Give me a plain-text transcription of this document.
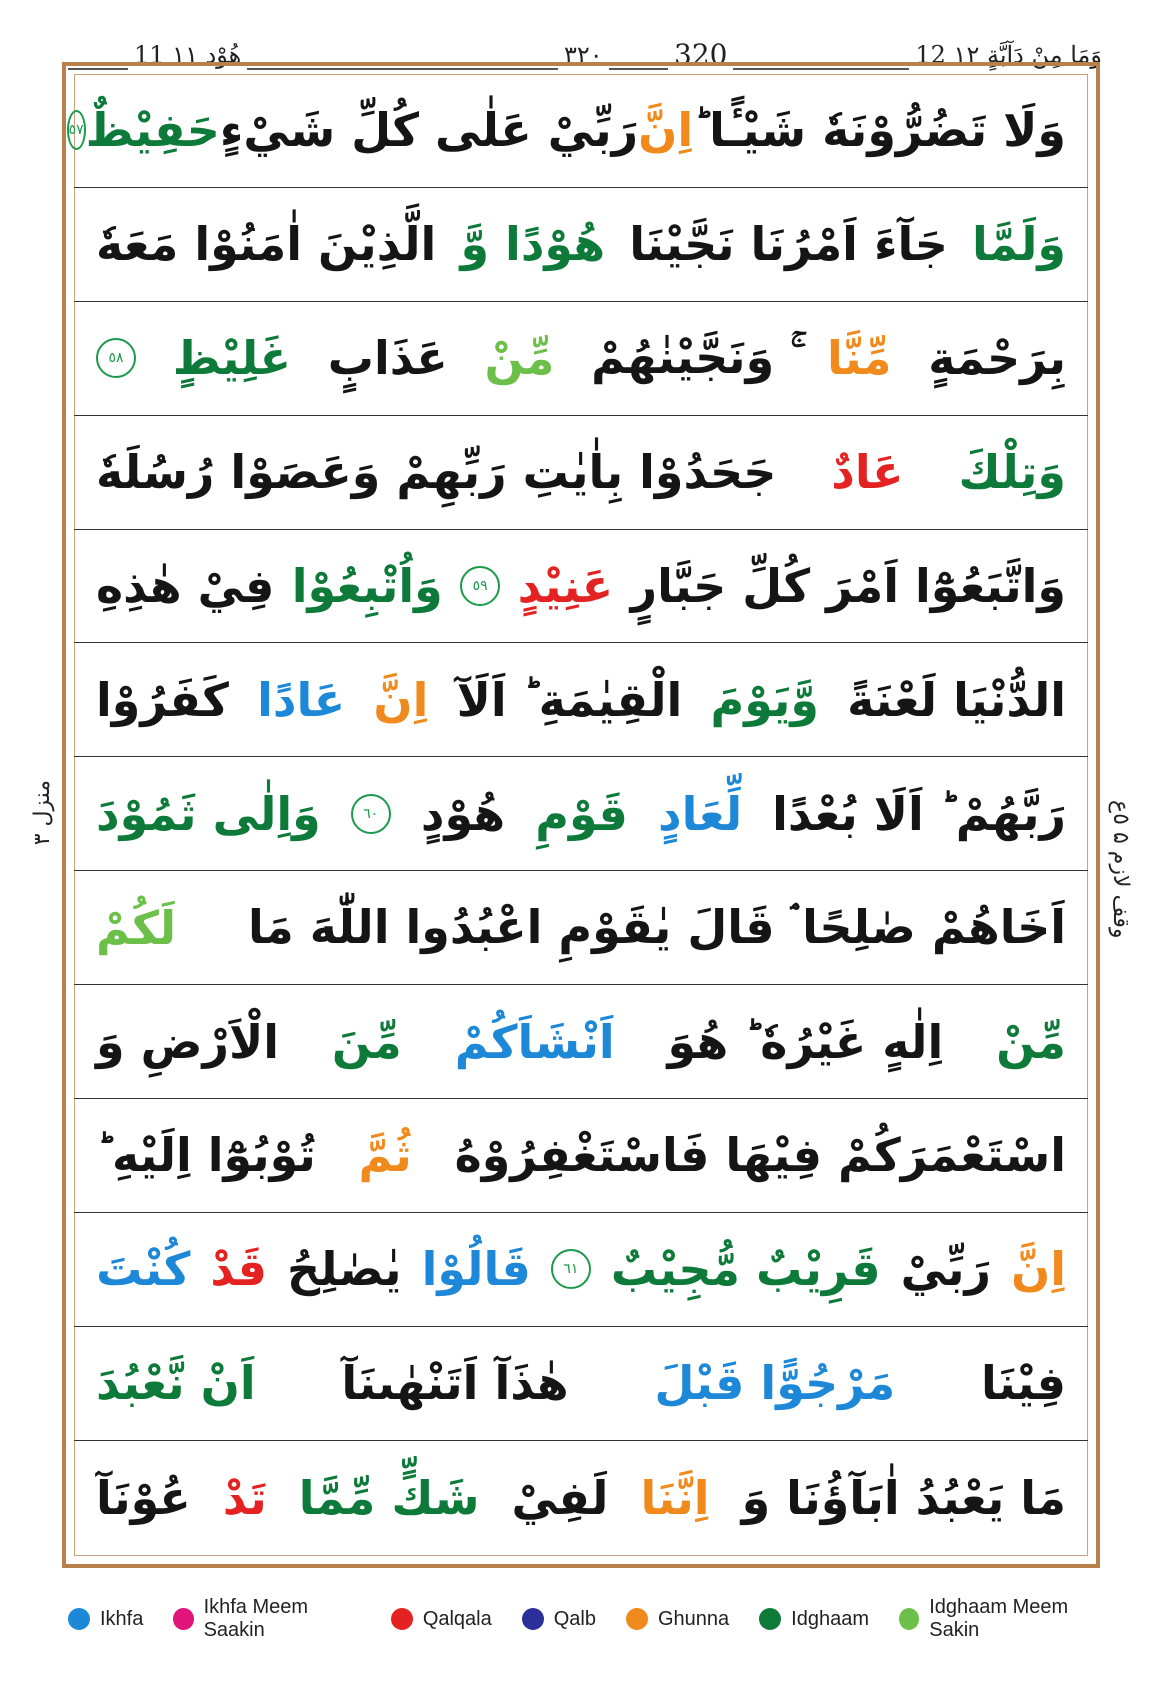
11 هُوْد ۱۱	۳۲۰	320	12 وَمَا مِنْ دَآبَّةٍ ۱۲
منزل ٣	وقف لازم ۵ ٥ع
وَلَا تَضُرُّوْنَهٗ شَيْـًٔا ؕ
اِنَّ
رَبِّيْ عَلٰى كُلِّ شَيْءٍ
حَفِيْظٌ
٥٧
وَلَمَّا
جَآءَ اَمْرُنَا نَجَّيْنَا
هُوْدًا وَّ
الَّذِيْنَ اٰمَنُوْا مَعَهٗ
بِرَحْمَةٍ
مِّنَّا
ۚ وَنَجَّيْنٰهُمْ
مِّنْ
عَذَابٍ
غَلِيْظٍ
٥٨
وَتِلْكَ
عَادٌ
جَحَدُوْا بِاٰيٰتِ رَبِّهِمْ وَعَصَوْا رُسُلَهٗ
وَاتَّبَعُوْٓا اَمْرَ كُلِّ جَبَّارٍ
عَنِيْدٍ
٥٩
وَاُتْبِعُوْا
فِيْ هٰذِهِ
الدُّنْيَا لَعْنَةً
وَّيَوْمَ
الْقِيٰمَةِ ؕ اَلَآ
اِنَّ
عَادًا
كَفَرُوْا
رَبَّهُمْ ؕ اَلَا بُعْدًا
لِّعَادٍ
قَوْمِ
هُوْدٍ
٦٠
وَاِلٰى ثَمُوْدَ
اَخَاهُمْ صٰلِحًا ۘ قَالَ يٰقَوْمِ اعْبُدُوا اللّٰهَ مَا
لَكُمْ
مِّنْ
اِلٰهٍ غَيْرُهٗ ؕ هُوَ
اَنْشَاَكُمْ
مِّنَ
الْاَرْضِ وَ
اسْتَعْمَرَكُمْ فِيْهَا فَاسْتَغْفِرُوْهُ
ثُمَّ
تُوْبُوْٓا اِلَيْهِ ؕ
اِنَّ
رَبِّيْ
قَرِيْبٌ مُّجِيْبٌ
٦١
قَالُوْا
يٰصٰلِحُ
قَدْ
كُنْتَ
فِيْنَا
مَرْجُوًّا قَبْلَ
هٰذَآ اَتَنْهٰىنَآ
اَنْ نَّعْبُدَ
مَا يَعْبُدُ اٰبَآؤُنَا وَ
اِنَّنَا
لَفِيْ
شَكٍّ مِّمَّا
تَدْ
عُوْنَآ
Ikhfa
Ikhfa Meem Saakin
Qalqala	Qalb	Ghunna	Idghaam
Idghaam Meem Sakin
